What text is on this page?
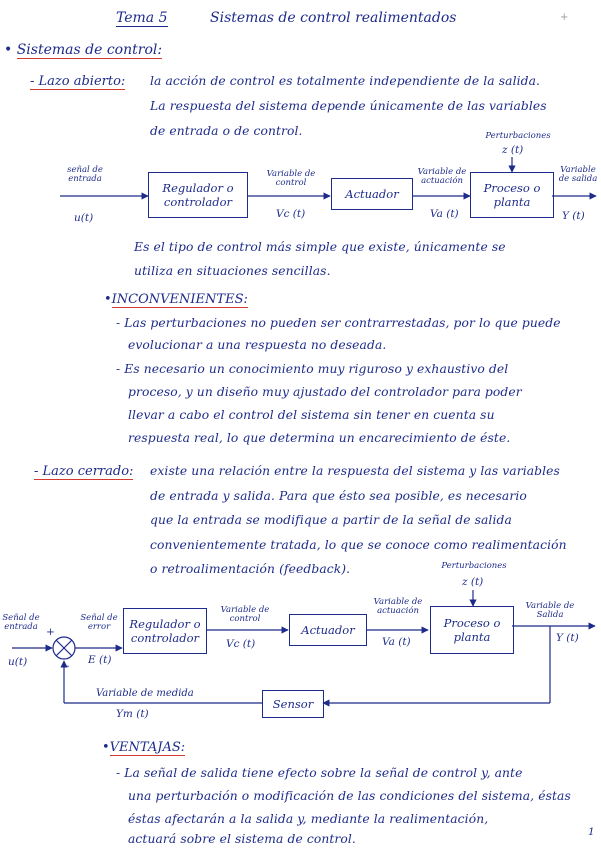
Tema 5	Sistemas de control realimentados	+
• Sistemas de control:
- Lazo abierto: la acción de control es totalmente independiente de la salida.
La respuesta del sistema depende únicamente de las variables
de entrada o de control.	Perturbaciones
z (t)
señal de entrada
u(t)
Regulador o controlador
Variable de control
Vc (t)
Actuador
Variable de actuación
Va (t)
Proceso o planta
Variable de salida
Y (t)
Es el tipo de control más simple que existe, únicamente se
utiliza en situaciones sencillas.
•INCONVENIENTES:
- Las perturbaciones no pueden ser contrarrestadas, por lo que puede
evolucionar a una respuesta no deseada.
- Es necesario un conocimiento muy riguroso y exhaustivo del
proceso, y un diseño muy ajustado del controlador para poder
llevar a cabo el control del sistema sin tener en cuenta su
respuesta real, lo que determina un encarecimiento de éste.
- Lazo cerrado: existe una relación entre la respuesta del sistema y las variables
de entrada y salida. Para que ésto sea posible, es necesario
que la entrada se modifique a partir de la señal de salida
convenientemente tratada, lo que se conoce como realimentación
o retroalimentación (feedback).	Perturbaciones
z (t)
Señal de entrada
u(t)
+
-
Señal de error
E (t)
Regulador o controlador
Variable de control
Vc (t)
Actuador
Variable de actuación
Va (t)
Proceso o planta
Variable de Salida
Y (t)
Sensor
Variable de medida
Ym (t)
•VENTAJAS:
- La señal de salida tiene efecto sobre la señal de control y, ante
una perturbación o modificación de las condiciones del sistema, éstas
éstas afectarán a la salida y, mediante la realimentación,
actuará sobre el sistema de control.	1
